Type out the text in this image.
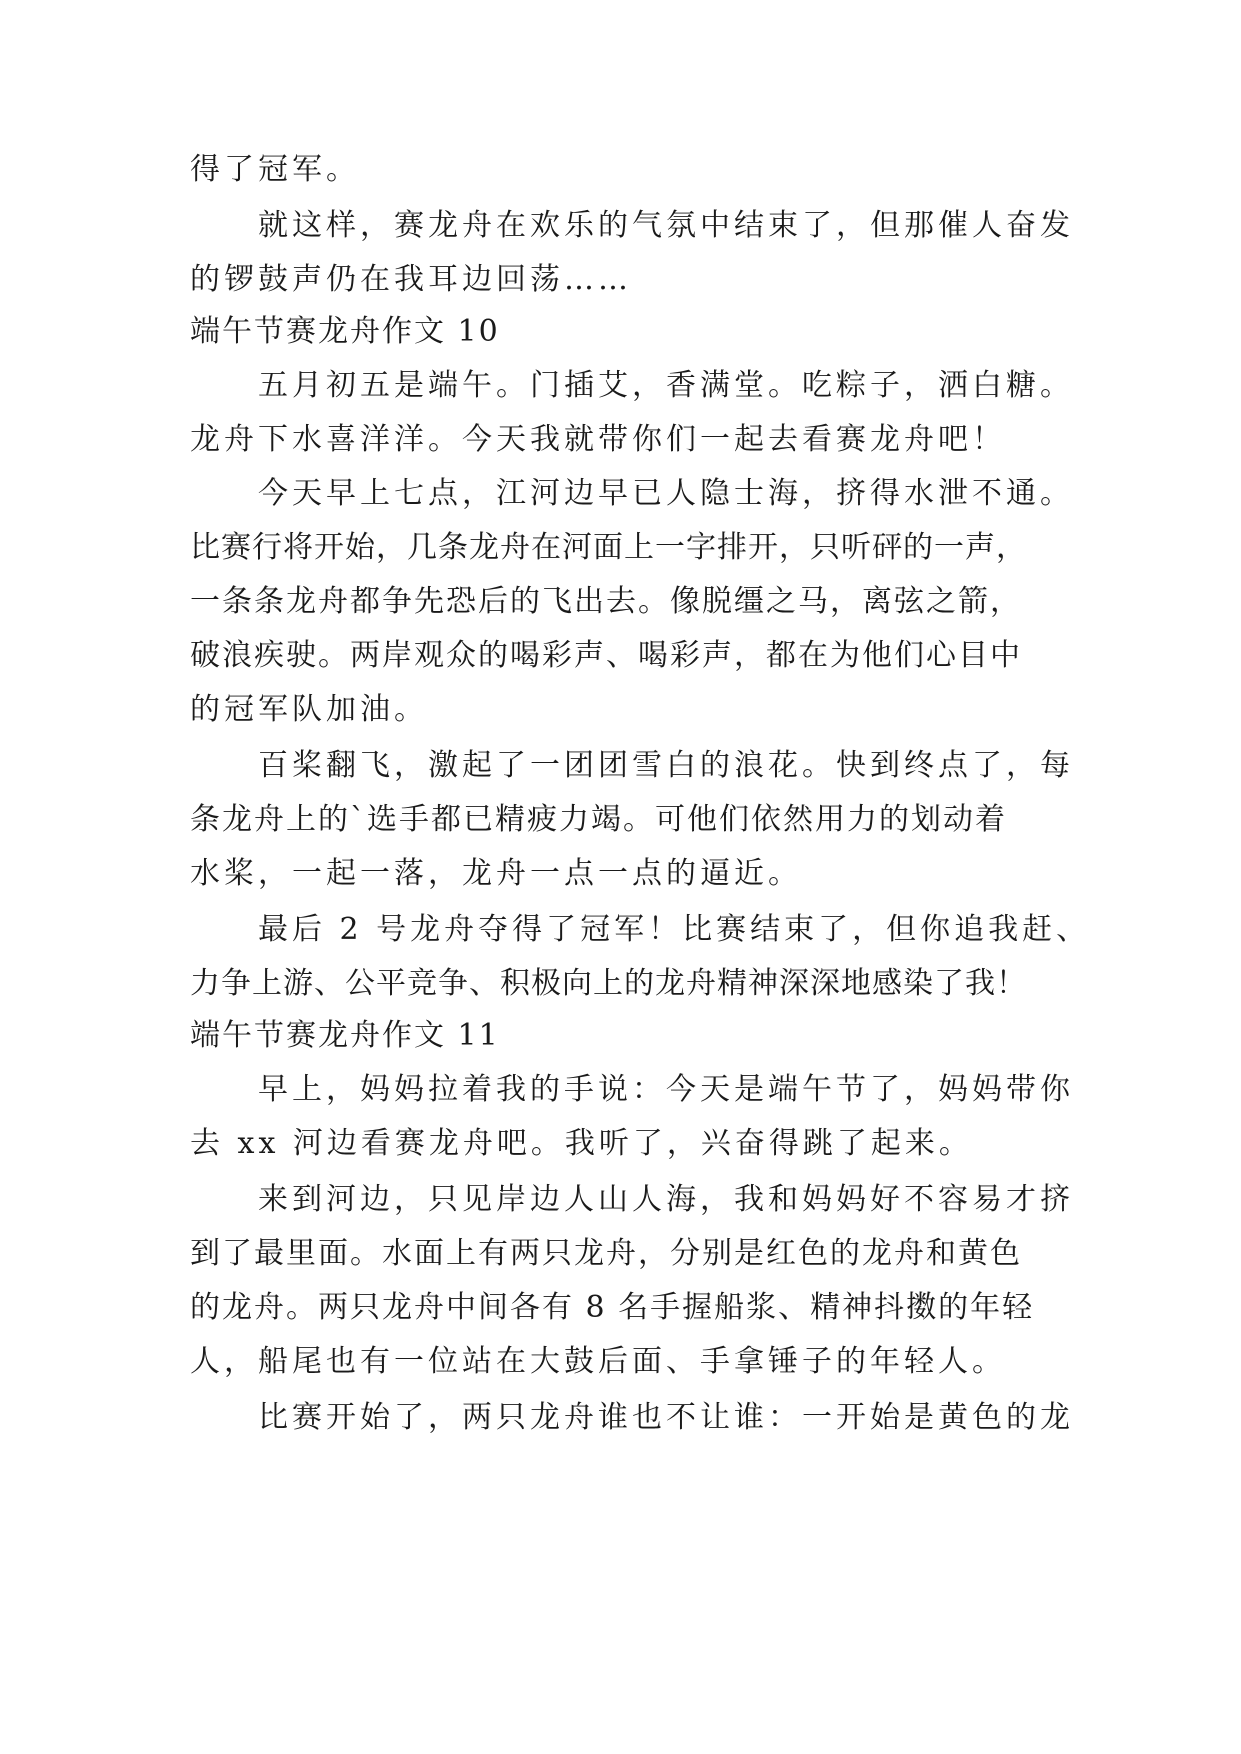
得了冠军。
就这样，赛龙舟在欢乐的气氛中结束了，但那催人奋发
的锣鼓声仍在我耳边回荡……
端午节赛龙舟作文 10
五月初五是端午。门插艾，香满堂。吃粽子，洒白糖。
龙舟下水喜洋洋。今天我就带你们一起去看赛龙舟吧！
今天早上七点，江河边早已人隐士海，挤得水泄不通。
比赛行将开始，几条龙舟在河面上一字排开，只听砰的一声，
一条条龙舟都争先恐后的飞出去。像脱缰之马，离弦之箭，
破浪疾驶。两岸观众的喝彩声、喝彩声，都在为他们心目中
的冠军队加油。
百桨翻飞，激起了一团团雪白的浪花。快到终点了，每
条龙舟上的`选手都已精疲力竭。可他们依然用力的划动着
水桨，一起一落，龙舟一点一点的逼近。
最后 2 号龙舟夺得了冠军！比赛结束了，但你追我赶、
力争上游、公平竞争、积极向上的龙舟精神深深地感染了我！
端午节赛龙舟作文 11
早上，妈妈拉着我的手说：今天是端午节了，妈妈带你
去 xx 河边看赛龙舟吧。我听了，兴奋得跳了起来。
来到河边，只见岸边人山人海，我和妈妈好不容易才挤
到了最里面。水面上有两只龙舟，分别是红色的龙舟和黄色
的龙舟。两只龙舟中间各有 8 名手握船浆、精神抖擞的年轻
人，船尾也有一位站在大鼓后面、手拿锤子的年轻人。
比赛开始了，两只龙舟谁也不让谁：一开始是黄色的龙
